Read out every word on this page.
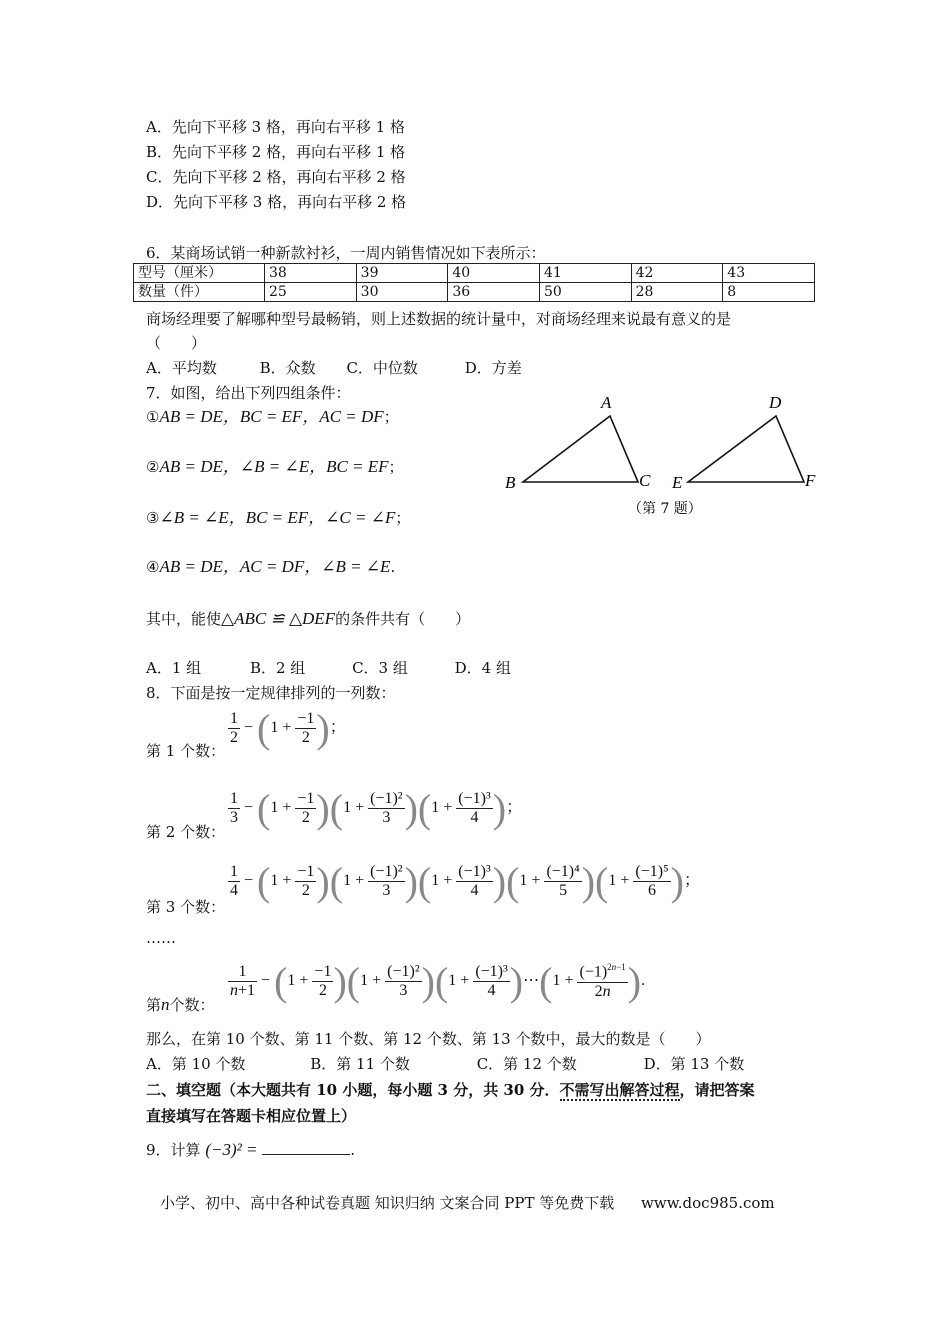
A．先向下平移 3 格，再向右平移 1 格
B．先向下平移 2 格，再向右平移 1 格
C．先向下平移 2 格，再向右平移 2 格
D．先向下平移 3 格，再向右平移 2 格
6．某商场试销一种新款衬衫，一周内销售情况如下表所示：
型号（厘米）	38	39	40	41	42	43
数量（件）	25	30	36	50	28	8
商场经理要了解哪种型号最畅销，则上述数据的统计量中，对商场经理来说最有意义的是
（　　）
A．平均数	B．众数 C．中位数	D．方差
7．如图，给出下列四组条件：
①AB = DE，BC = EF，AC = DF；
②AB = DE，∠B = ∠E，BC = EF；
③∠B = ∠E，BC = EF，∠C = ∠F；
④AB = DE，AC = DF，∠B = ∠E.
其中，能使△ABC ≌ △DEF的条件共有（　　）
A．1 组	B．2 组	C．3 组	D．4 组
A
B	C
D
E	F
（第 7 题）
8．下面是按一定规律排列的一列数：
第 1 个数：
$\frac{1}{2} - (1 + \frac{-1}{2}$ )；
第 2 个数：
$\frac{1}{3} - (1 + \frac{-1}{2} )(1 + \frac{\text{(−1)²}}{3} )(1 + \frac{\text{(−1)³}}{4}$ )；
第 3 个数：
$\frac{1}{4} - (1 + \frac{-1}{2} )(1 + \frac{\text{(−1)²}}{3} )(1 + \frac{\text{(−1)³}}{4} )(1 + \frac{\text{(−1)⁴}}{5} )(1 + \frac{\text{(−1)⁵}}{6}$ )；
……
第n个数：
$\frac{1}{n+1} - (1 + \frac{-1}{2} )(1 + \frac{\text{(−1)²}}{3} )(1 + \frac{\text{(−1)³}}{4}$ )⋯(1 + $\frac{(-1)^{2n-1}}{2n}$ ).
那么，在第 10 个数、第 11 个数、第 12 个数、第 13 个数中，最大的数是（　　）
A．第 10 个数	B．第 11 个数	C．第 12 个数	D．第 13 个数
二、填空题（本大题共有 10 小题，每小题 3 分，共 30 分．不需写出解答过程，请把答案
直接填写在答题卡相应位置上）
9．计算 (−3)² =	.
小学、初中、高中各种试卷真题 知识归纳 文案合同 PPT 等免费下载 www.doc985.com
